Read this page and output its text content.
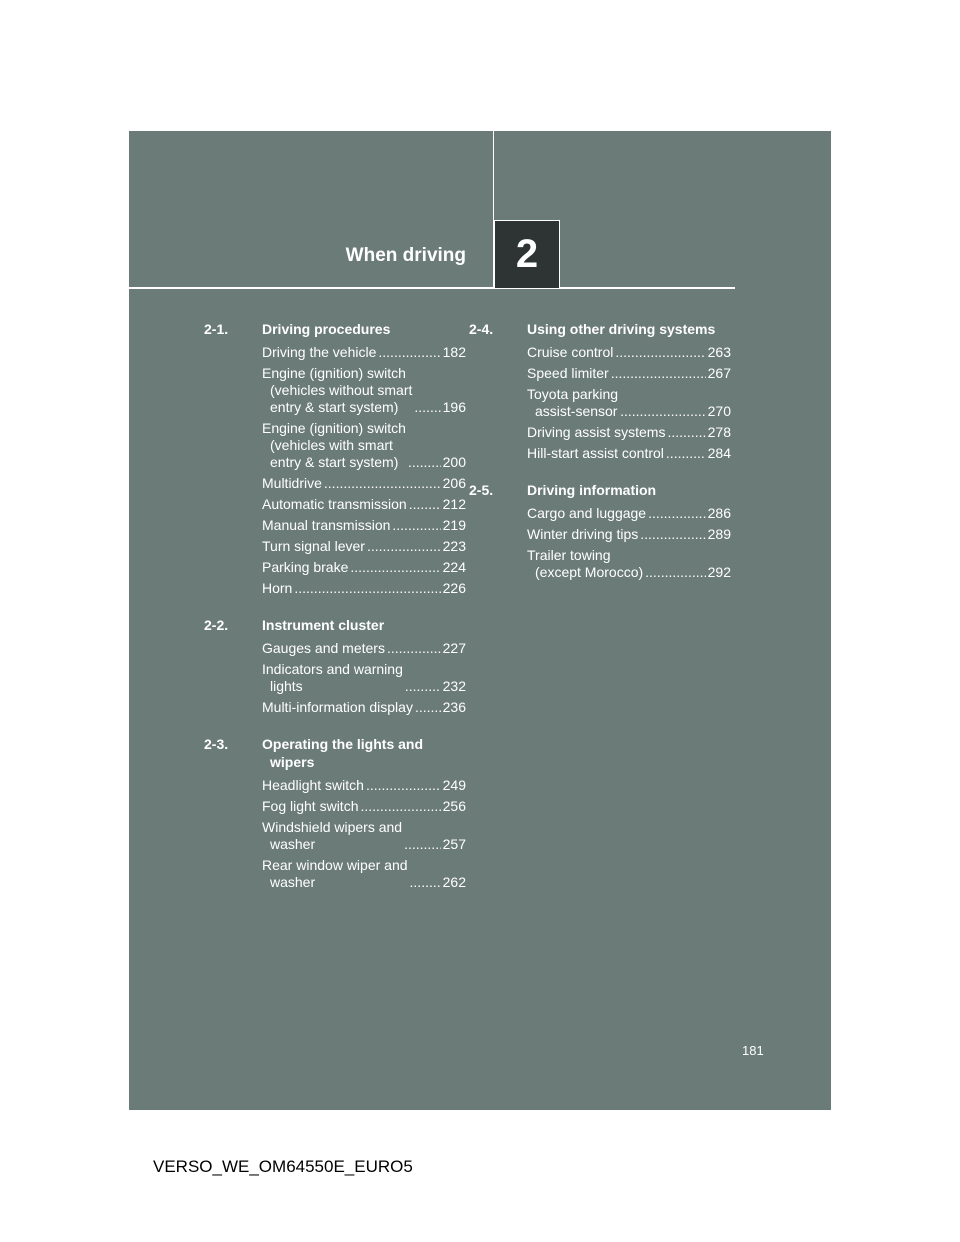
When driving 2
2-1.	Driving procedures
Driving the vehicle .....	182
Engine (ignition) switch
(vehicles without smart
entry & start system) .....	196
Engine (ignition) switch
(vehicles with smart
entry & start system) .....	200
Multidrive .....	206
Automatic transmission .....	212
Manual transmission .....	219
Turn signal lever .....	223
Parking brake .....	224
Horn .....	226
2-2.	Instrument cluster
Gauges and meters .....	227
Indicators and warning
lights .....	232
Multi-information display ..... 236
2-3.	Operating the lights and
wipers
Headlight switch .....	249
Fog light switch .....	256
Windshield wipers and
washer .....	257
Rear window wiper and
washer .....	262
2-4.	Using other driving systems
Cruise control .....	263
Speed limiter .....	267
Toyota parking
assist-sensor .....	270
Driving assist systems .....	278
Hill-start assist control .....	284
2-5.	Driving information
Cargo and luggage .....	286
Winter driving tips .....	289
Trailer towing
(except Morocco) .....	292
181
VERSO_WE_OM64550E_EURO5
